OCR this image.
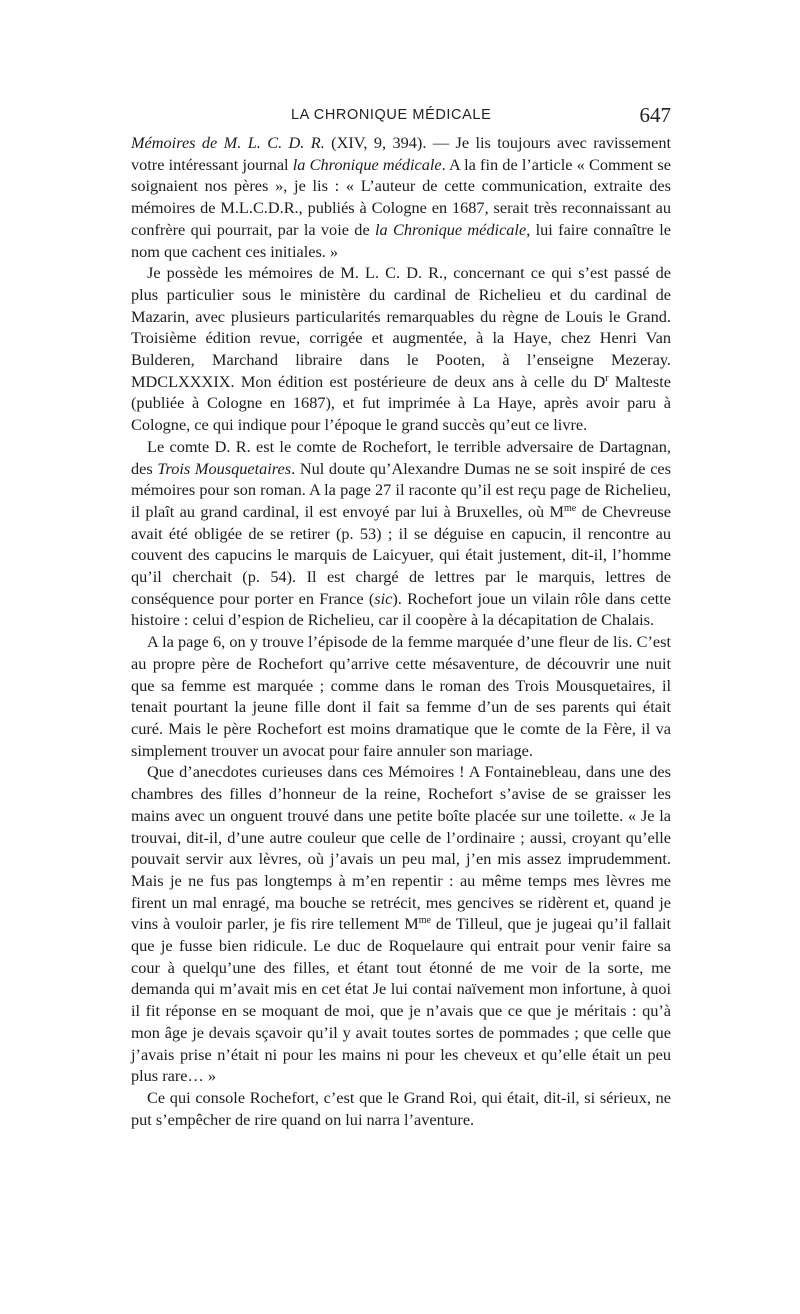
LA CHRONIQUE MÉDICALE	647

Mémoires de M. L. C. D. R. (XIV, 9, 394). — Je lis toujours avec ravissement votre intéressant journal la Chronique médicale. A la fin de l’article « Comment se soignaient nos pères », je lis : « L’auteur de cette communication, extraite des mémoires de M.L.C.D.R., publiés à Cologne en 1687, serait très reconnaissant au confrère qui pourrait, par la voie de la Chronique médicale, lui faire connaître le nom que cachent ces initiales. »

Je possède les mémoires de M. L. C. D. R., concernant ce qui s’est passé de plus particulier sous le ministère du cardinal de Richelieu et du cardinal de Mazarin, avec plusieurs particularités remarquables du règne de Louis le Grand. Troisième édition revue, corrigée et augmentée, à la Haye, chez Henri Van Bulderen, Marchand libraire dans le Pooten, à l’enseigne Mezeray. MDCLXXXIX. Mon édition est postérieure de deux ans à celle du $D^r$ Malteste (publiée à Cologne en 1687), et fut imprimée à La Haye, après avoir paru à Cologne, ce qui indique pour l’époque le grand succès qu’eut ce livre.

Le comte D. R. est le comte de Rochefort, le terrible adversaire de Dartagnan, des Trois Mousquetaires. Nul doute qu’Alexandre Dumas ne se soit inspiré de ces mémoires pour son roman. A la page 27 il raconte qu’il est reçu page de Richelieu, il plaît au grand cardinal, il est envoyé par lui à Bruxelles, où $M^{me}$ de Chevreuse avait été obligée de se retirer (p. 53) ; il se déguise en capucin, il rencontre au couvent des capucins le marquis de Laicyuer, qui était justement, dit-il, l’homme qu’il cherchait (p. 54). Il est chargé de lettres par le marquis, lettres de conséquence pour porter en France (sic). Rochefort joue un vilain rôle dans cette histoire : celui d’espion de Richelieu, car il coopère à la décapitation de Chalais.

A la page 6, on y trouve l’épisode de la femme marquée d’une fleur de lis. C’est au propre père de Rochefort qu’arrive cette mésaventure, de découvrir une nuit que sa femme est marquée ; comme dans le roman des Trois Mousquetaires, il tenait pourtant la jeune fille dont il fait sa femme d’un de ses parents qui était curé. Mais le père Rochefort est moins dramatique que le comte de la Fère, il va simplement trouver un avocat pour faire annuler son mariage.

Que d’anecdotes curieuses dans ces Mémoires ! A Fontainebleau, dans une des chambres des filles d’honneur de la reine, Rochefort s’avise de se graisser les mains avec un onguent trouvé dans une petite boîte placée sur une toilette. « Je la trouvai, dit-il, d’une autre couleur que celle de l’ordinaire ; aussi, croyant qu’elle pouvait servir aux lèvres, où j’avais un peu mal, j’en mis assez imprudemment. Mais je ne fus pas longtemps à m’en repentir : au même temps mes lèvres me firent un mal enragé, ma bouche se retrécit, mes gencives se ridèrent et, quand je vins à vouloir parler, je fis rire tellement $M^{me}$ de Tilleul, que je jugeai qu’il fallait que je fusse bien ridicule. Le duc de Roquelaure qui entrait pour venir faire sa cour à quelqu’une des filles, et étant tout étonné de me voir de la sorte, me demanda qui m’avait mis en cet état Je lui contai naïvement mon infortune, à quoi il fit réponse en se moquant de moi, que je n’avais que ce que je méritais : qu’à mon âge je devais sçavoir qu’il y avait toutes sortes de pommades ; que celle que j’avais prise n’était ni pour les mains ni pour les cheveux et qu’elle était un peu plus rare… »

Ce qui console Rochefort, c’est que le Grand Roi, qui était, dit-il, si sérieux, ne put s’empêcher de rire quand on lui narra l’aventure.
